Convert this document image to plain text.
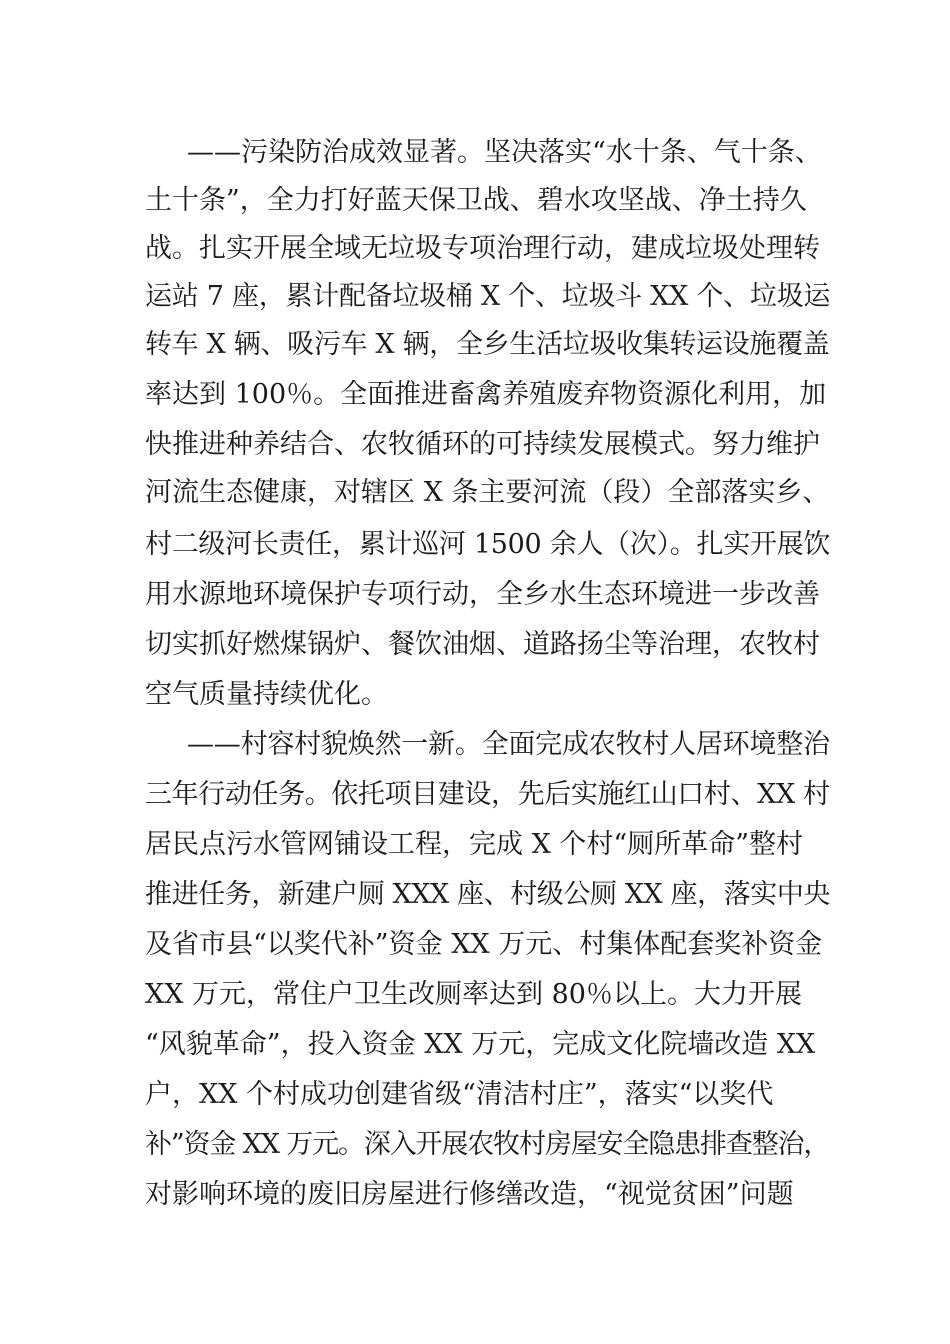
——污染防治成效显著。坚决落实“水十条、气十条、
土十条”，全力打好蓝天保卫战、碧水攻坚战、净土持久
战。扎实开展全域无垃圾专项治理行动，建成垃圾处理转
运站 7 座，累计配备垃圾桶 X 个、垃圾斗 XX 个、垃圾运
转车 X 辆、吸污车 X 辆，全乡生活垃圾收集转运设施覆盖
率达到 100％。全面推进畜禽养殖废弃物资源化利用，加
快推进种养结合、农牧循环的可持续发展模式。努力维护
河流生态健康，对辖区 X 条主要河流（段）全部落实乡、
村二级河长责任，累计巡河 1500 余人（次）。扎实开展饮
用水源地环境保护专项行动，全乡水生态环境进一步改善
切实抓好燃煤锅炉、餐饮油烟、道路扬尘等治理，农牧村
空气质量持续优化。
——村容村貌焕然一新。全面完成农牧村人居环境整治
三年行动任务。依托项目建设，先后实施红山口村、XX 村
居民点污水管网铺设工程，完成 X 个村“厕所革命”整村
推进任务，新建户厕 XXX 座、村级公厕 XX 座，落实中央
及省市县“以奖代补”资金 XX 万元、村集体配套奖补资金
XX 万元，常住户卫生改厕率达到 80％以上。大力开展
“风貌革命”，投入资金 XX 万元，完成文化院墙改造 XX
户，XX 个村成功创建省级“清洁村庄”，落实“以奖代
补”资金 XX 万元。深入开展农牧村房屋安全隐患排查整治，
对影响环境的废旧房屋进行修缮改造，“视觉贫困”问题
